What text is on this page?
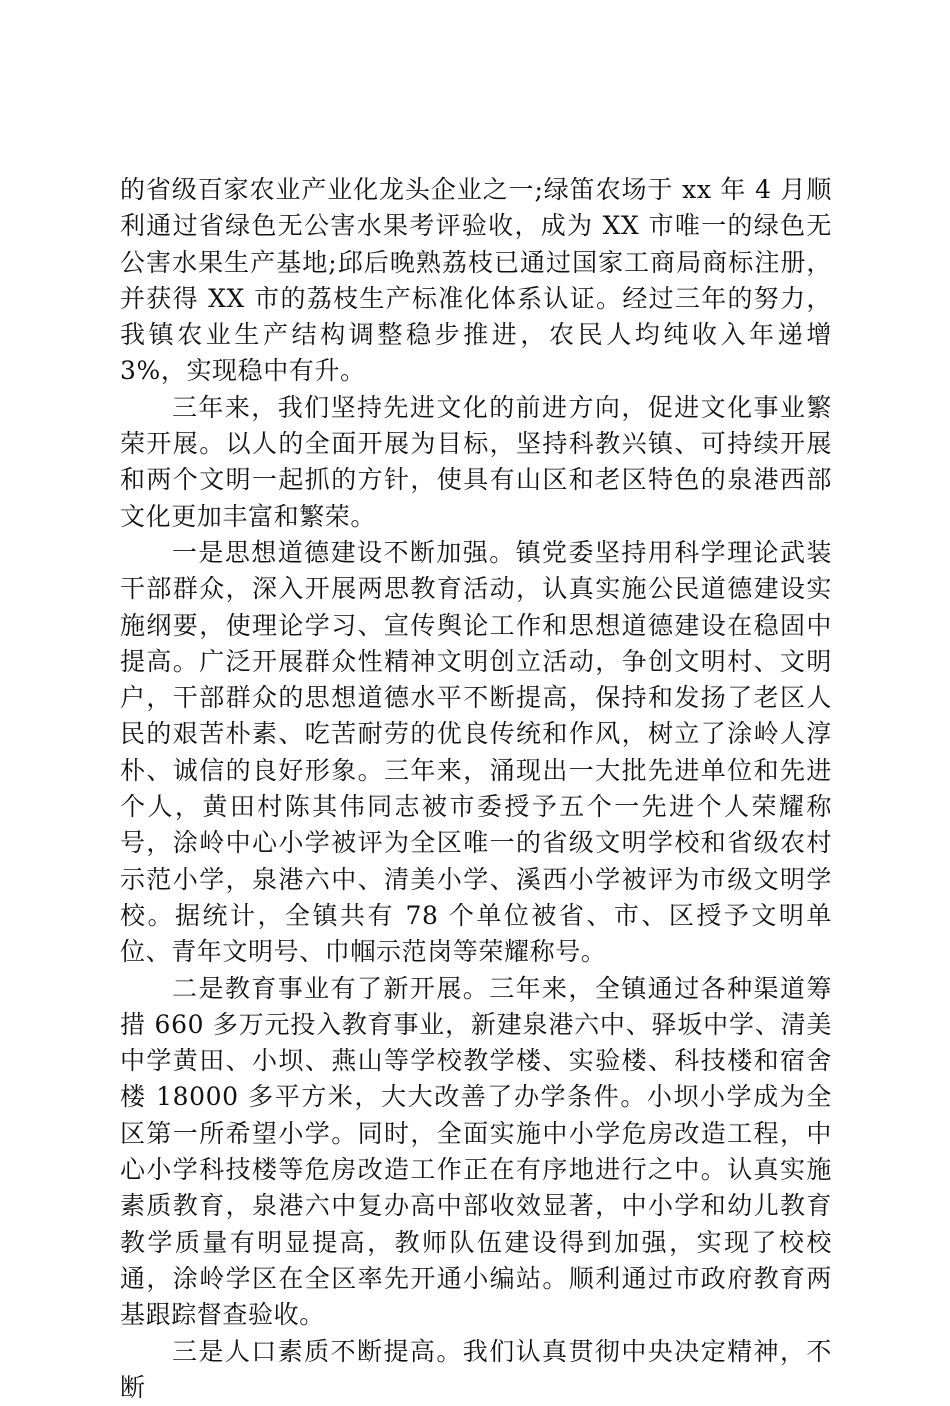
的省级百家农业产业化龙头企业之一;绿笛农场于 xx 年 4 月顺利通过省绿色无公害水果考评验收，成为 XX 市唯一的绿色无公害水果生产基地;邱后晚熟荔枝已通过国家工商局商标注册，并获得 XX 市的荔枝生产标准化体系认证。经过三年的努力，我镇农业生产结构调整稳步推进，农民人均纯收入年递增 3%，实现稳中有升。

三年来，我们坚持先进文化的前进方向，促进文化事业繁荣开展。以人的全面开展为目标，坚持科教兴镇、可持续开展和两个文明一起抓的方针，使具有山区和老区特色的泉港西部文化更加丰富和繁荣。

一是思想道德建设不断加强。镇党委坚持用科学理论武装干部群众，深入开展两思教育活动，认真实施公民道德建设实施纲要，使理论学习、宣传舆论工作和思想道德建设在稳固中提高。广泛开展群众性精神文明创立活动，争创文明村、文明户，干部群众的思想道德水平不断提高，保持和发扬了老区人民的艰苦朴素、吃苦耐劳的优良传统和作风，树立了涂岭人淳朴、诚信的良好形象。三年来，涌现出一大批先进单位和先进个人，黄田村陈其伟同志被市委授予五个一先进个人荣耀称号，涂岭中心小学被评为全区唯一的省级文明学校和省级农村示范小学，泉港六中、清美小学、溪西小学被评为市级文明学校。据统计，全镇共有 78 个单位被省、市、区授予文明单位、青年文明号、巾帼示范岗等荣耀称号。

二是教育事业有了新开展。三年来，全镇通过各种渠道筹措 660 多万元投入教育事业，新建泉港六中、驿坂中学、清美中学黄田、小坝、燕山等学校教学楼、实验楼、科技楼和宿舍楼 18000 多平方米，大大改善了办学条件。小坝小学成为全区第一所希望小学。同时，全面实施中小学危房改造工程，中心小学科技楼等危房改造工作正在有序地进行之中。认真实施素质教育，泉港六中复办高中部收效显著，中小学和幼儿教育教学质量有明显提高，教师队伍建设得到加强，实现了校校通，涂岭学区在全区率先开通小编站。顺利通过市政府教育两基跟踪督查验收。

三是人口素质不断提高。我们认真贯彻中央决定精神，不断
